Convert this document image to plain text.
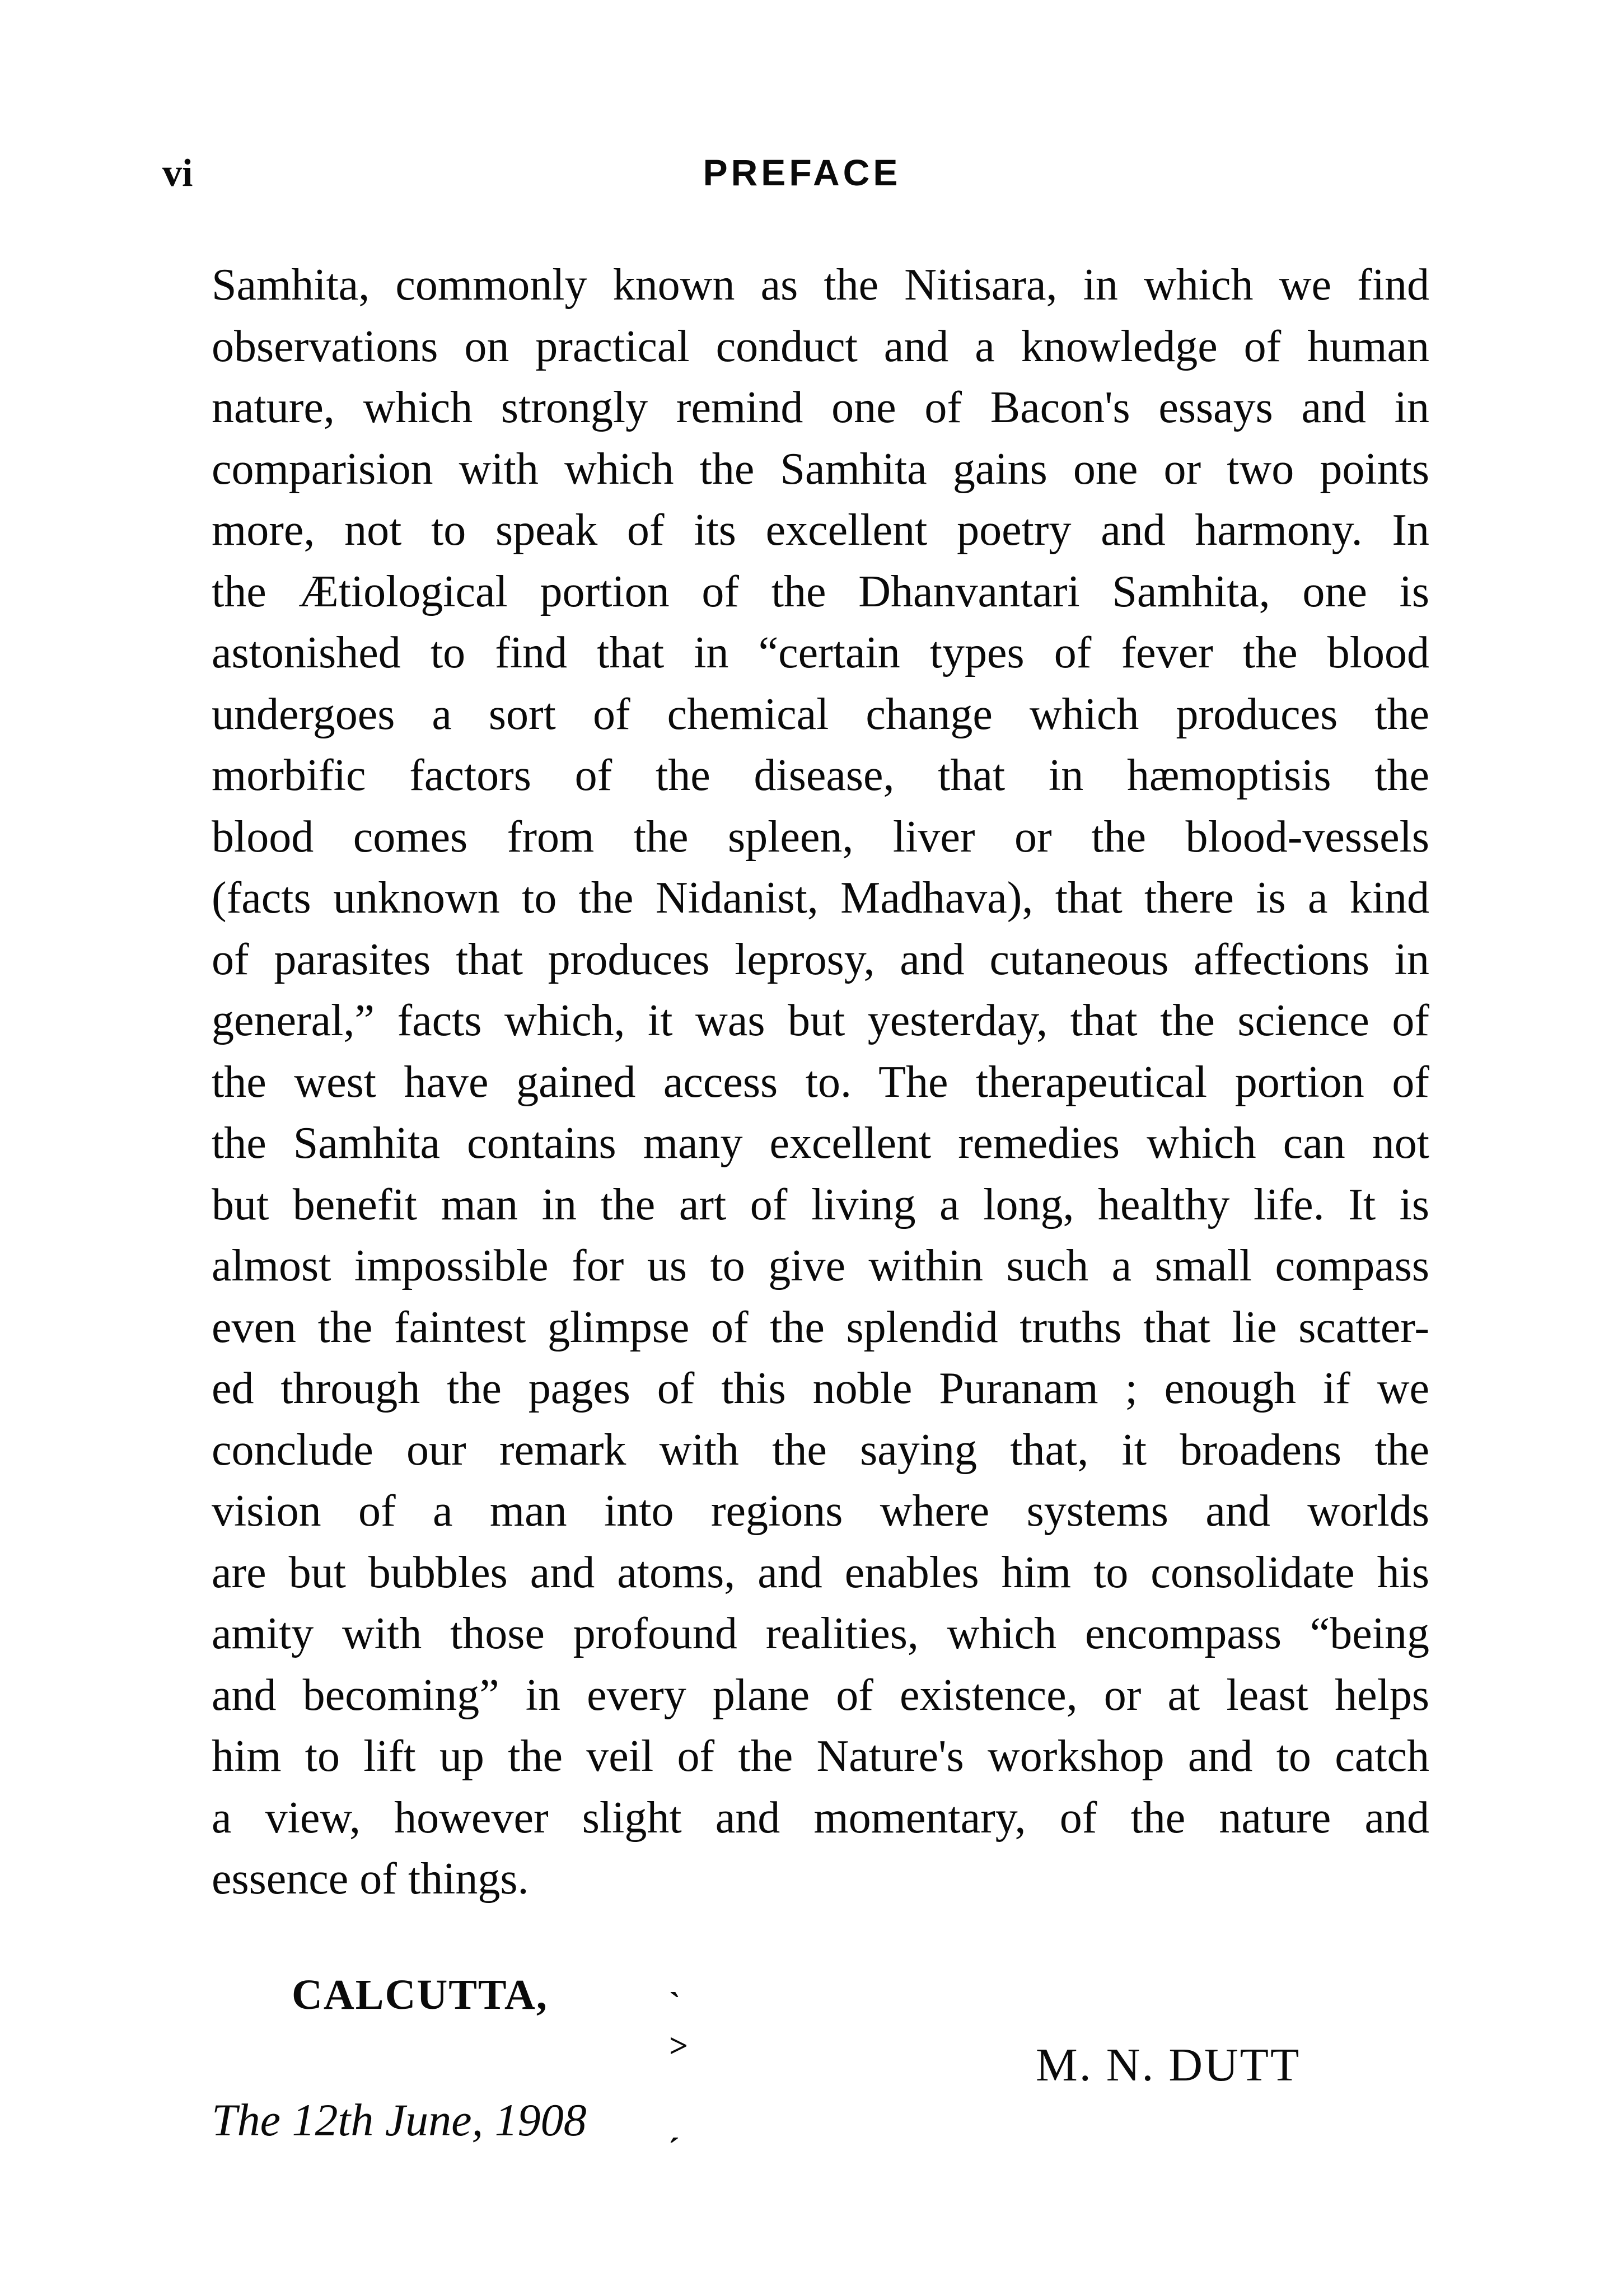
vi	PREFACE
Samhita, commonly known as the Nitisara, in which we find
observations on practical conduct and a knowledge of human
nature, which strongly remind one of Bacon's essays and in
comparision with which the Samhita gains one or two points
more, not to speak of its excellent poetry and harmony. In
the Ætiological portion of the Dhanvantari Samhita, one is
astonished to find that in “certain types of fever the blood
undergoes a sort of chemical change which produces the
morbific factors of the disease, that in hæmoptisis the
blood comes from the spleen, liver or the blood-vessels
(facts unknown to the Nidanist, Madhava), that there is a kind
of parasites that produces leprosy, and cutaneous affections in
general,” facts which, it was but yesterday, that the science of
the west have gained access to. The therapeutical portion of
the Samhita contains many excellent remedies which can not
but benefit man in the art of living a long, healthy life. It is
almost impossible for us to give within such a small compass
even the faintest glimpse of the splendid truths that lie scatter-
ed through the pages of this noble Puranam ; enough if we
conclude our remark with the saying that, it broadens the
vision of a man into regions where systems and worlds
are but bubbles and atoms, and enables him to consolidate his
amity with those profound realities, which encompass “being
and becoming” in every plane of existence, or at least helps
him to lift up the veil of the Nature's workshop and to catch
a view, however slight and momentary, of the nature and
essence of things.
CALCUTTA,
The 12th June, 1908
ˎ
˃
ˏ
M. N. DUTT
